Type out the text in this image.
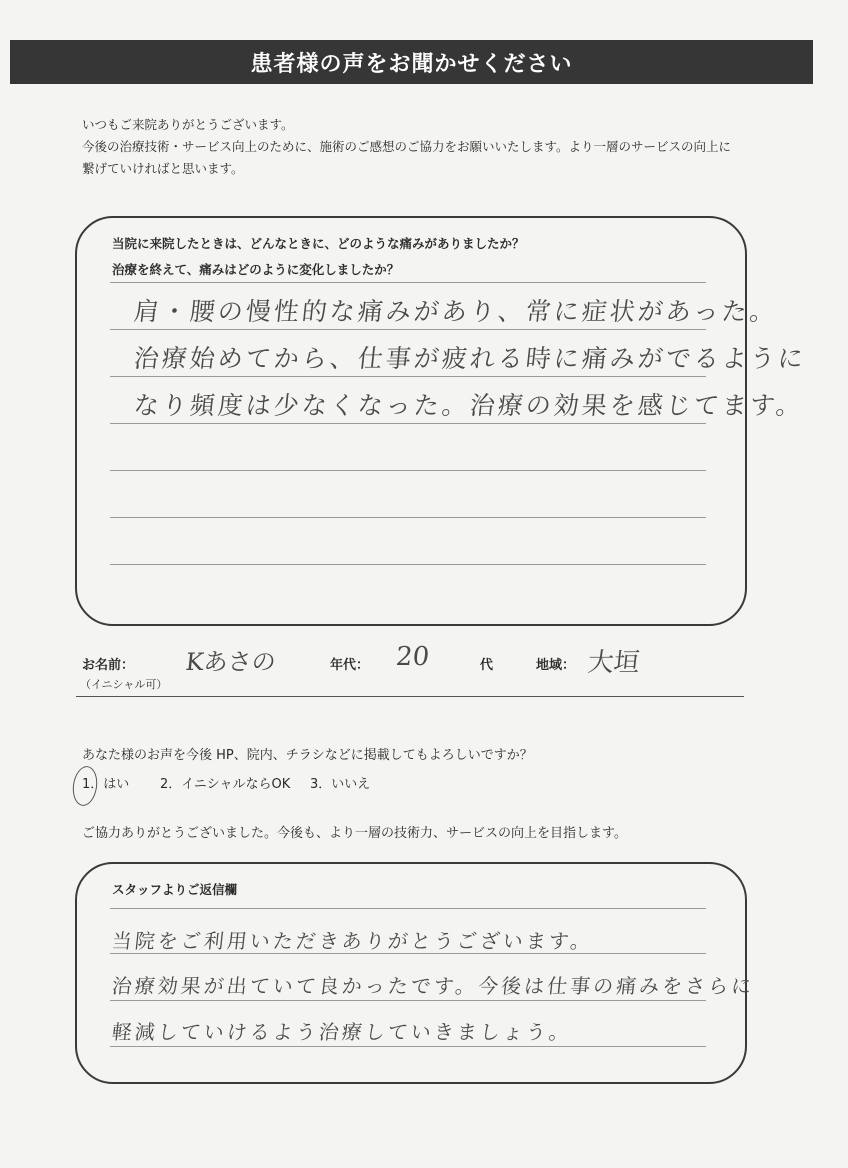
患者様の声をお聞かせください
いつもご来院ありがとうございます。
今後の治療技術・サービス向上のために、施術のご感想のご協力をお願いいたします。より一層のサービスの向上に
繋げていければと思います。
当院に来院したときは、どんなときに、どのような痛みがありましたか？
治療を終えて、痛みはどのように変化しましたか？
肩・腰の慢性的な痛みがあり、常に症状があった。
治療始めてから、仕事が疲れる時に痛みがでるように
なり頻度は少なくなった。治療の効果を感じてます。
お名前：
（イニシャル可）
Kあさの	年代： 20	代	地域： 大垣
あなた様のお声を今後 HP、院内、チラシなどに掲載してもよろしいですか？
1．はい 2．イニシャルならOK 3．いいえ
ご協力ありがとうございました。今後も、より一層の技術力、サービスの向上を目指します。
スタッフよりご返信欄
当院をご利用いただきありがとうございます。
治療効果が出ていて良かったです。今後は仕事の痛みをさらに
軽減していけるよう治療していきましょう。
